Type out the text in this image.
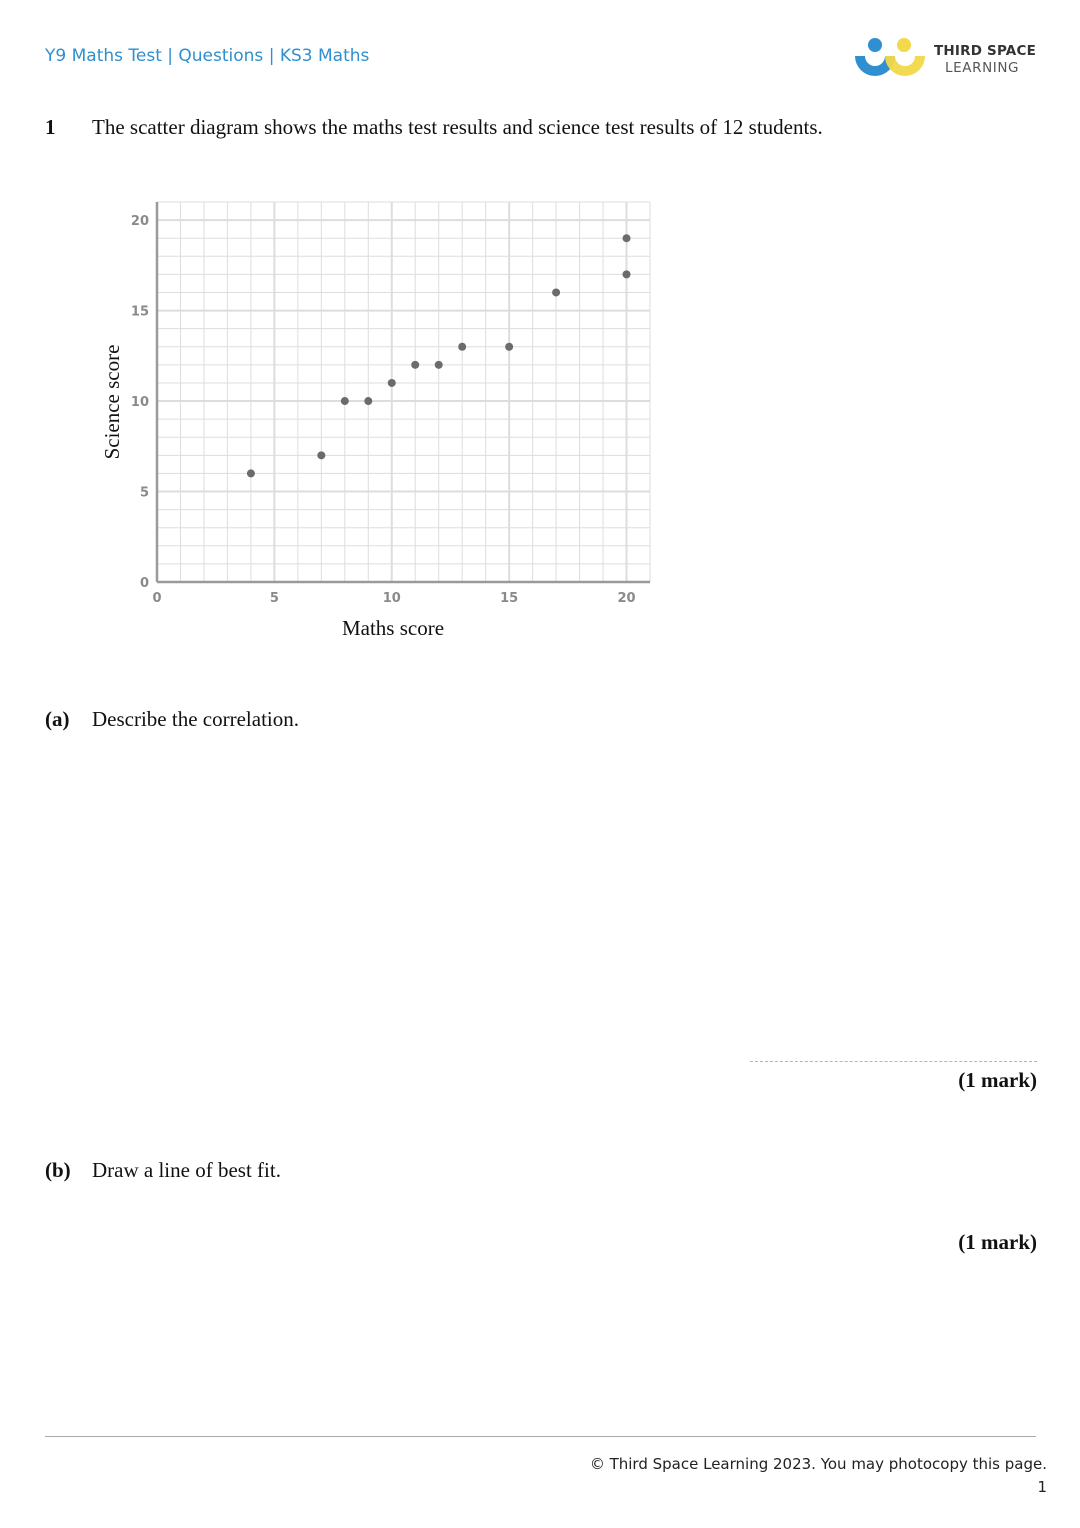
Y9 Maths Test | Questions | KS3 Maths	THIRD SPACE
LEARNING
1 The scatter diagram shows the maths test results and science test results of 12 students.
0	5	10	15	20
0
5
10
15
20
Maths score
Science score
(a) Describe the correlation.
(1 mark)
(b) Draw a line of best fit.
(1 mark)
© Third Space Learning 2023. You may photocopy this page.
1
